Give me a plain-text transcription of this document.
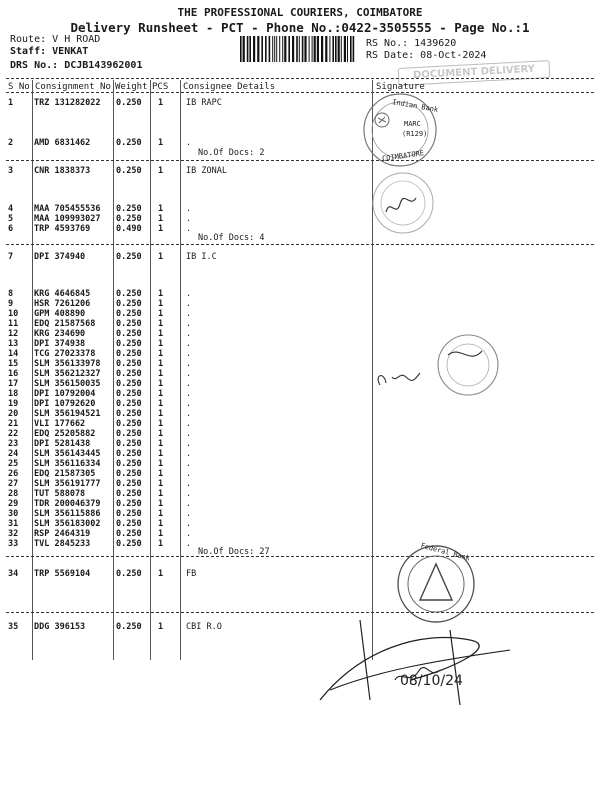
THE PROFESSIONAL COURIERS, COIMBATORE
Delivery Runsheet - PCT - Phone No.:0422-3505555 - Page No.:1
Route: V H ROAD
Staff: VENKAT
DRS No.: DCJB143962001
RS No.: 1439620
RS Date: 08-Oct-2024
DOCUMENT DELIVERY
S No Consignment No Weight PCS Consignee Details	Signature
1 TRZ 131282022 0.250 1	IB RAPC
2 AMD 6831462	0.250 1	.
3 CNR 1838373	0.250 1	IB ZONAL
4 MAA 705455536 0.250 1	.
5 MAA 109993027 0.250 1	.
6 TRP 4593769	0.490 1	.
7 DPI 374940	0.250 1	IB I.C
8 KRG 4646845	0.250 1	.
9 HSR 7261206	0.250 1	.
10 GPM 408890	0.250 1	.
11 EDQ 21587568 0.250 1	.
12 KRG 234690	0.250 1	.
13 DPI 374938	0.250 1	.
14 TCG 27023378 0.250 1	.
15 SLM 356133978 0.250 1	.
16 SLM 356212327 0.250 1	.
17 SLM 356150035 0.250 1	.
18 DPI 10792004 0.250 1	.
19 DPI 10792620 0.250 1	.
20 SLM 356194521 0.250 1	.
21 VLI 177662	0.250 1	.
22 EDQ 25205882 0.250 1	.
23 DPI 5281438	0.250 1	.
24 SLM 356143445 0.250 1	.
25 SLM 356116334 0.250 1	.
26 EDQ 21587305 0.250 1	.
27 SLM 356191777 0.250 1	.
28 TUT 588078	0.250 1	.
29 TDR 200046379 0.250 1	.
30 SLM 356115886 0.250 1	.
31 SLM 356183002 0.250 1	.
32 RSP 2464319	0.250 1	.
33 TVL 2845233	0.250 1	.
34 TRP 5569104	0.250 1	FB
35 DDG 396153	0.250 1	CBI R.O
No.Of Docs: 2
No.Of Docs: 4
No.Of Docs: 27
Indian Bank
MARC
(R129)
COIMBATORE
Federal Bank
08/10/24
